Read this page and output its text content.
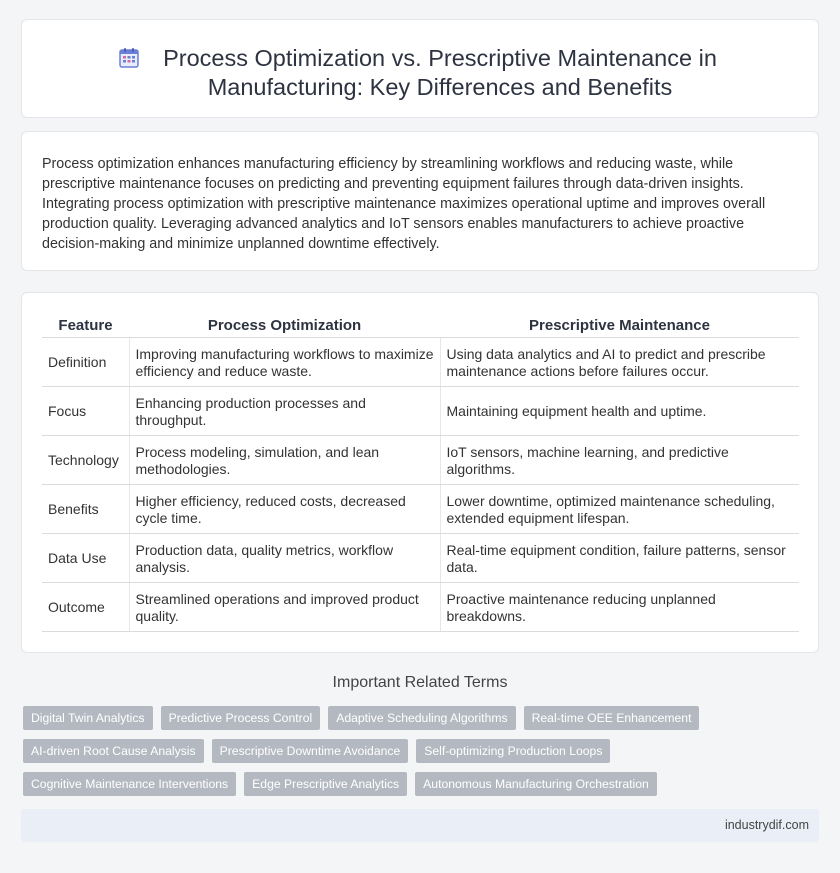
Process Optimization vs. Prescriptive Maintenance in Manufacturing: Key Differences and Benefits

Process optimization enhances manufacturing efficiency by streamlining workflows and reducing waste, while prescriptive maintenance focuses on predicting and preventing equipment failures through data-driven insights. Integrating process optimization with prescriptive maintenance maximizes operational uptime and improves overall production quality. Leveraging advanced analytics and IoT sensors enables manufacturers to achieve proactive decision-making and minimize unplanned downtime effectively.

Feature	Process Optimization	Prescriptive Maintenance
Definition	Improving manufacturing workflows to maximize efficiency and reduce waste.	Using data analytics and AI to predict and prescribe maintenance actions before failures occur.
Focus	Enhancing production processes and throughput.	Maintaining equipment health and uptime.
Technology	Process modeling, simulation, and lean methodologies.	IoT sensors, machine learning, and predictive algorithms.
Benefits	Higher efficiency, reduced costs, decreased cycle time.	Lower downtime, optimized maintenance scheduling, extended equipment lifespan.
Data Use	Production data, quality metrics, workflow analysis.	Real-time equipment condition, failure patterns, sensor data.
Outcome	Streamlined operations and improved product quality.	Proactive maintenance reducing unplanned breakdowns.
Important Related Terms
Digital Twin Analytics	Predictive Process Control	Adaptive Scheduling Algorithms	Real-time OEE Enhancement
AI-driven Root Cause Analysis	Prescriptive Downtime Avoidance	Self-optimizing Production Loops
Cognitive Maintenance Interventions	Edge Prescriptive Analytics	Autonomous Manufacturing Orchestration
industrydif.com
